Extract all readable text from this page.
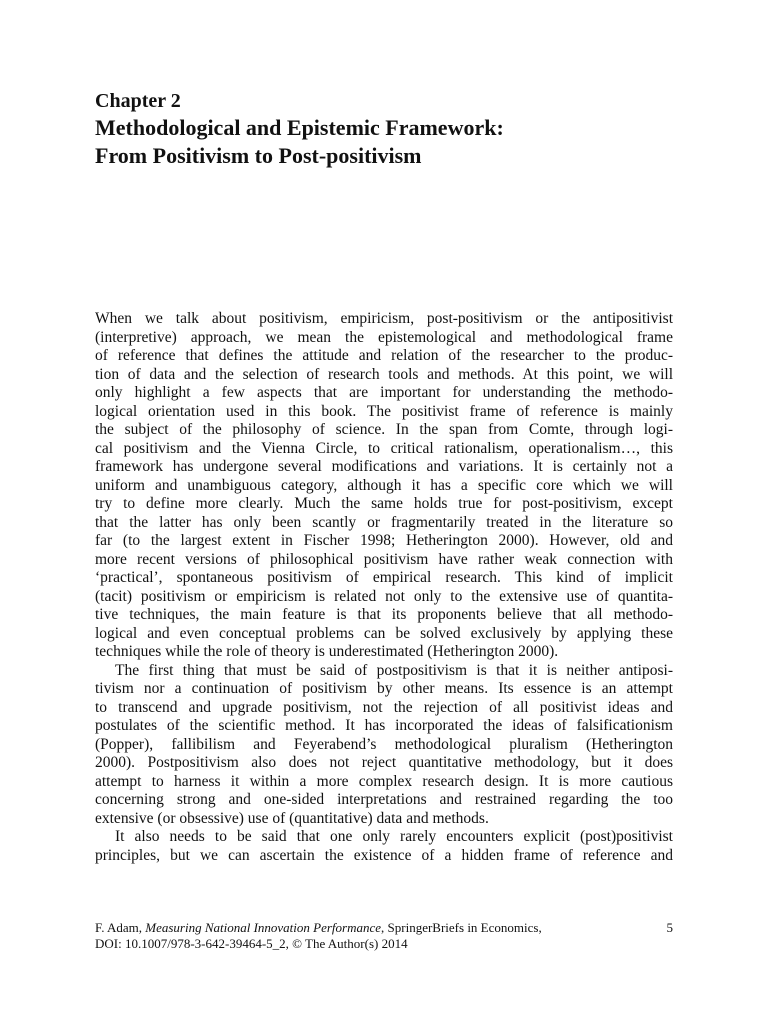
Chapter 2
Methodological and Epistemic Framework:
From Positivism to Post-positivism

When we talk about positivism, empiricism, post-positivism or the antipositivist
(interpretive) approach, we mean the epistemological and methodological frame
of reference that defines the attitude and relation of the researcher to the produc-
tion of data and the selection of research tools and methods. At this point, we will
only highlight a few aspects that are important for understanding the methodo-
logical orientation used in this book. The positivist frame of reference is mainly
the subject of the philosophy of science. In the span from Comte, through logi-
cal positivism and the Vienna Circle, to critical rationalism, operationalism…, this
framework has undergone several modifications and variations. It is certainly not a
uniform and unambiguous category, although it has a specific core which we will
try to define more clearly. Much the same holds true for post-positivism, except
that the latter has only been scantly or fragmentarily treated in the literature so
far (to the largest extent in Fischer 1998; Hetherington 2000). However, old and
more recent versions of philosophical positivism have rather weak connection with
‘practical’, spontaneous positivism of empirical research. This kind of implicit
(tacit) positivism or empiricism is related not only to the extensive use of quantita-
tive techniques, the main feature is that its proponents believe that all methodo-
logical and even conceptual problems can be solved exclusively by applying these
techniques while the role of theory is underestimated (Hetherington 2000).

The first thing that must be said of postpositivism is that it is neither antiposi-
tivism nor a continuation of positivism by other means. Its essence is an attempt
to transcend and upgrade positivism, not the rejection of all positivist ideas and
postulates of the scientific method. It has incorporated the ideas of falsificationism
(Popper), fallibilism and Feyerabend’s methodological pluralism (Hetherington
2000). Postpositivism also does not reject quantitative methodology, but it does
attempt to harness it within a more complex research design. It is more cautious
concerning strong and one-sided interpretations and restrained regarding the too
extensive (or obsessive) use of (quantitative) data and methods.

It also needs to be said that one only rarely encounters explicit (post)positivist
principles, but we can ascertain the existence of a hidden frame of reference and

F. Adam, Measuring National Innovation Performance, SpringerBriefs in Economics,
DOI: 10.1007/978-3-642-39464-5_2, © The Author(s) 2014
5
